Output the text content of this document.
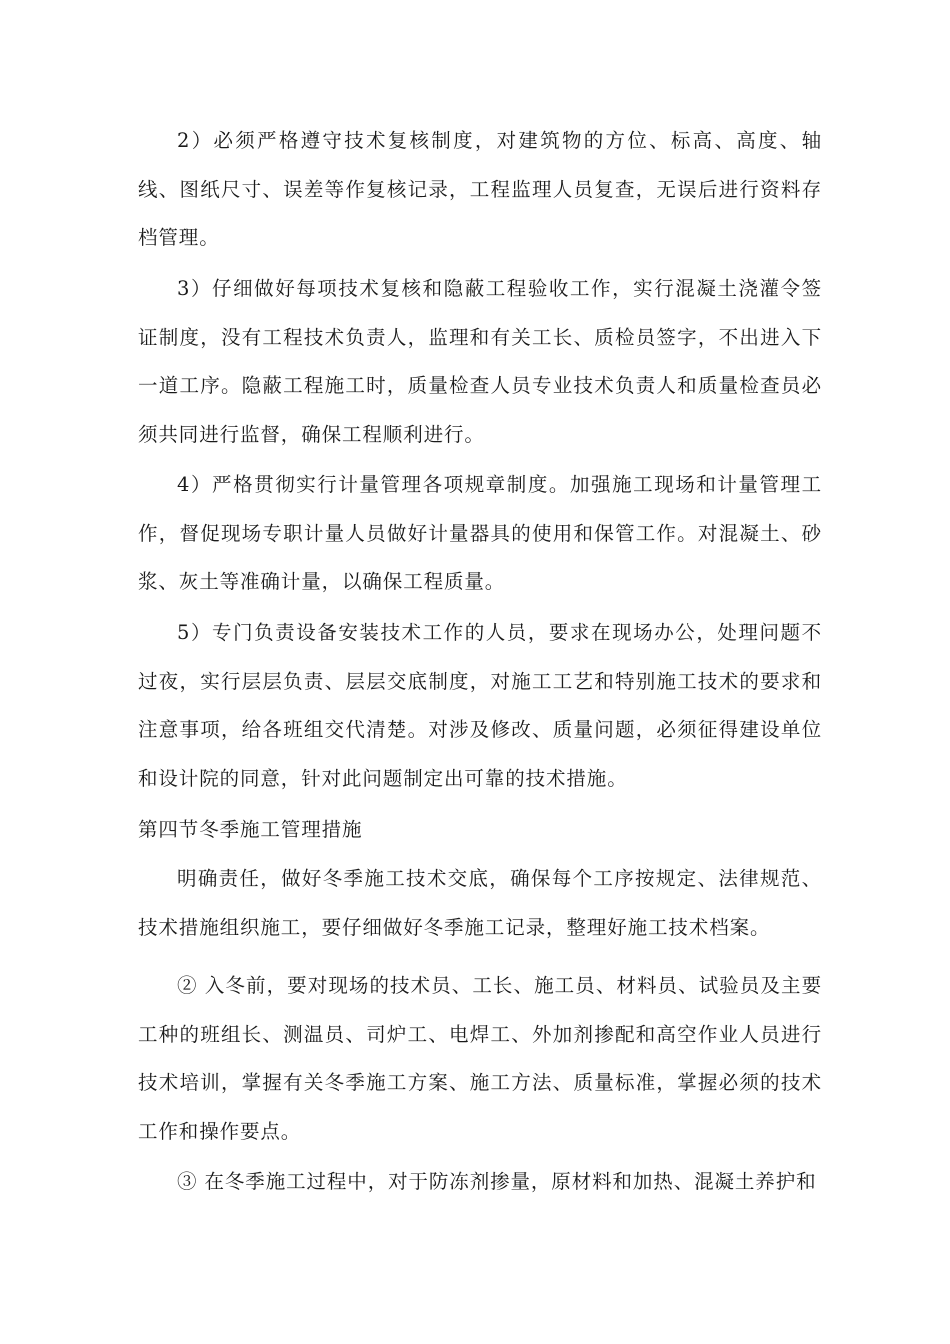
2）必须严格遵守技术复核制度，对建筑物的方位、标高、高度、轴线、图纸尺寸、误差等作复核记录，工程监理人员复查，无误后进行资料存档管理。

3）仔细做好每项技术复核和隐蔽工程验收工作，实行混凝土浇灌令签证制度，没有工程技术负责人，监理和有关工长、质检员签字，不出进入下一道工序。隐蔽工程施工时，质量检查人员专业技术负责人和质量检查员必须共同进行监督，确保工程顺利进行。

4）严格贯彻实行计量管理各项规章制度。加强施工现场和计量管理工作，督促现场专职计量人员做好计量器具的使用和保管工作。对混凝土、砂浆、灰土等准确计量，以确保工程质量。

5）专门负责设备安装技术工作的人员，要求在现场办公，处理问题不过夜，实行层层负责、层层交底制度，对施工工艺和特别施工技术的要求和注意事项，给各班组交代清楚。对涉及修改、质量问题，必须征得建设单位和设计院的同意，针对此问题制定出可靠的技术措施。

第四节冬季施工管理措施

明确责任，做好冬季施工技术交底，确保每个工序按规定、法律规范、技术措施组织施工，要仔细做好冬季施工记录，整理好施工技术档案。

② 入冬前，要对现场的技术员、工长、施工员、材料员、试验员及主要工种的班组长、测温员、司炉工、电焊工、外加剂掺配和高空作业人员进行技术培训，掌握有关冬季施工方案、施工方法、质量标准，掌握必须的技术工作和操作要点。

③ 在冬季施工过程中，对于防冻剂掺量，原材料和加热、混凝土养护和
